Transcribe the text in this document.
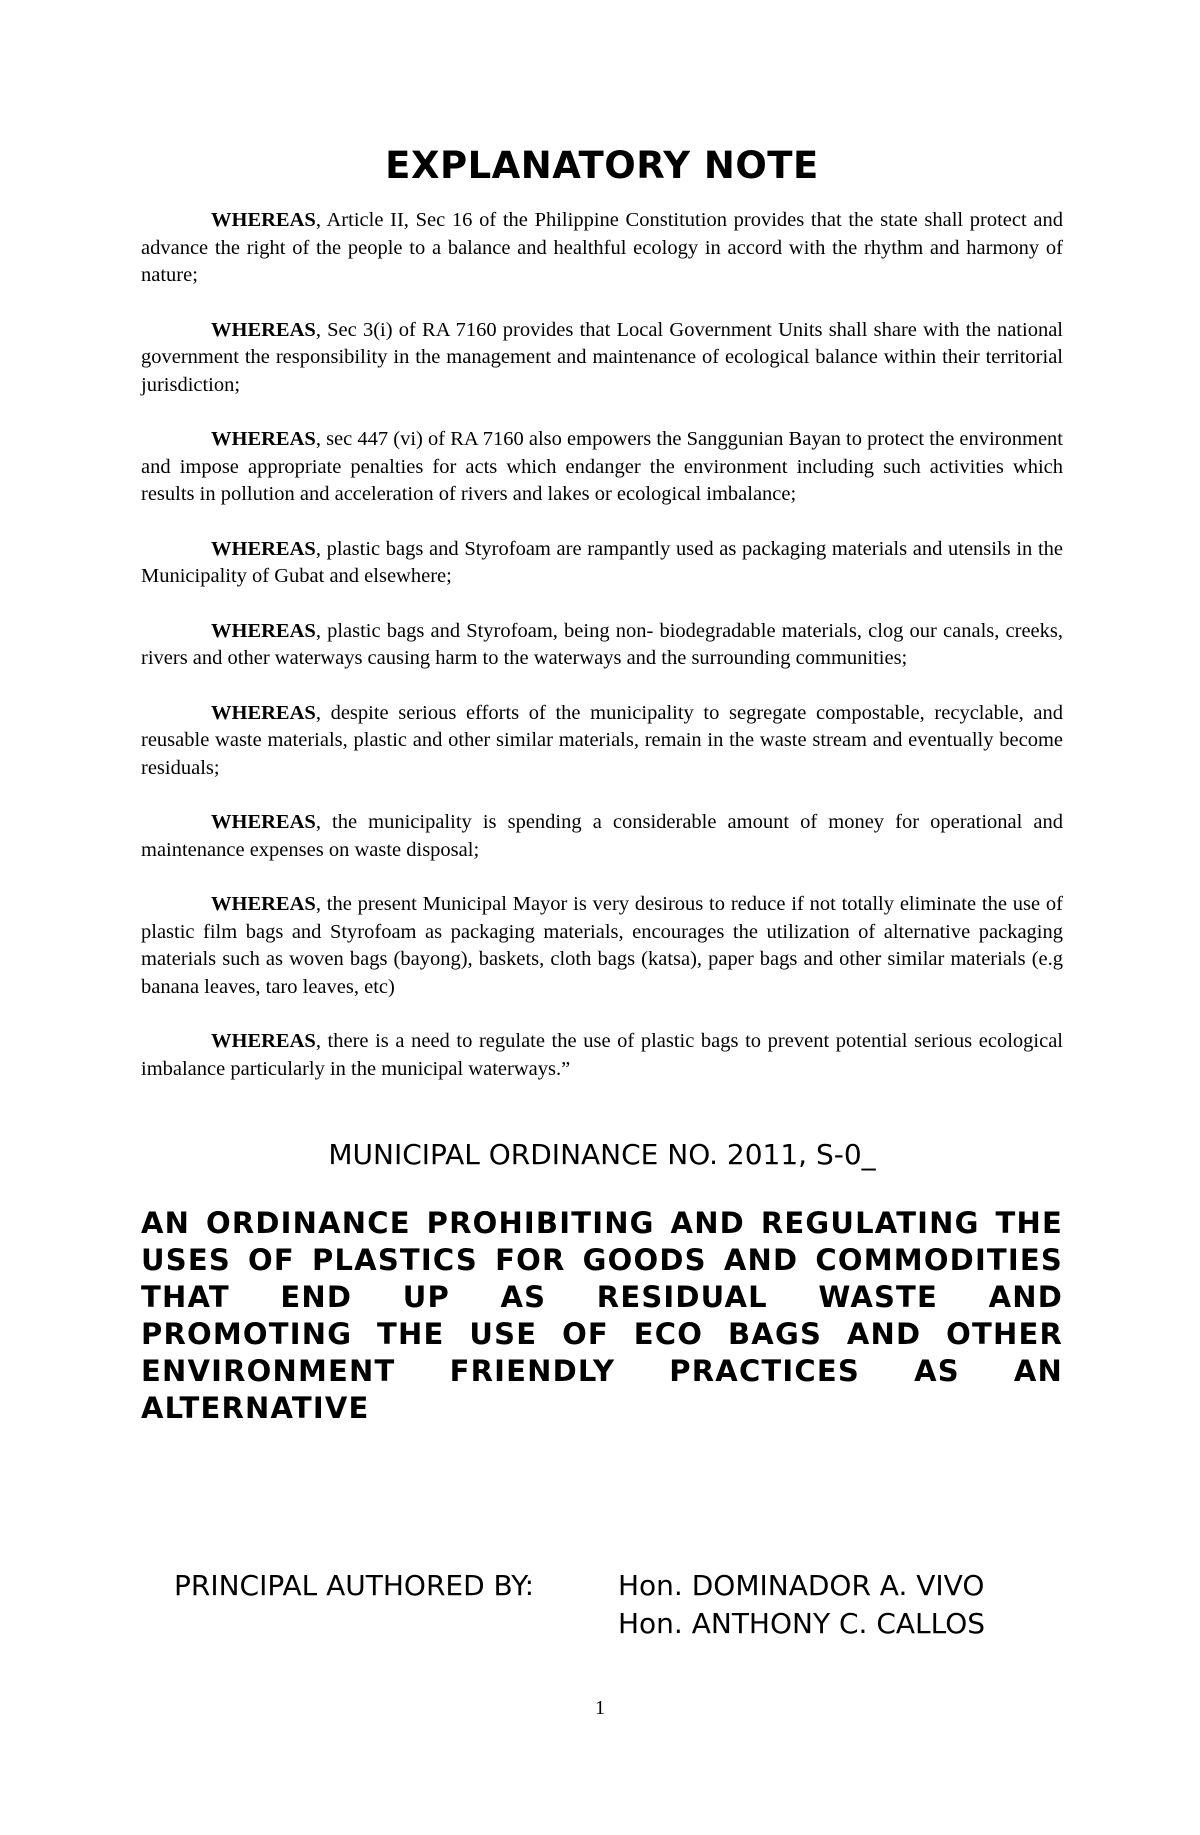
EXPLANATORY NOTE

WHEREAS, Article II, Sec 16 of the Philippine Constitution provides that the state shall protect and advance the right of the people to a balance and healthful ecology in accord with the rhythm and harmony of nature;

WHEREAS, Sec 3(i) of RA 7160 provides that Local Government Units shall share with the national government the responsibility in the management and maintenance of ecological balance within their territorial jurisdiction;

WHEREAS, sec 447 (vi) of RA 7160 also empowers the Sanggunian Bayan to protect the environment and impose appropriate penalties for acts which endanger the environment including such activities which results in pollution and acceleration of rivers and lakes or ecological imbalance;

WHEREAS, plastic bags and Styrofoam are rampantly used as packaging materials and utensils in the Municipality of Gubat and elsewhere;

WHEREAS, plastic bags and Styrofoam, being non- biodegradable materials, clog our canals, creeks, rivers and other waterways causing harm to the waterways and the surrounding communities;

WHEREAS, despite serious efforts of the municipality to segregate compostable, recyclable, and reusable waste materials, plastic and other similar materials, remain in the waste stream and eventually become residuals;

WHEREAS, the municipality is spending a considerable amount of money for operational and maintenance expenses on waste disposal;

WHEREAS, the present Municipal Mayor is very desirous to reduce if not totally eliminate the use of plastic film bags and Styrofoam as packaging materials, encourages the utilization of alternative packaging materials such as woven bags (bayong), baskets, cloth bags (katsa), paper bags and other similar materials (e.g banana leaves, taro leaves, etc)

WHEREAS, there is a need to regulate the use of plastic bags to prevent potential serious ecological imbalance particularly in the municipal waterways.”

MUNICIPAL ORDINANCE NO. 2011, S-0_
AN ORDINANCE PROHIBITING AND REGULATING THE USES OF PLASTICS FOR GOODS AND COMMODITIES THAT END UP AS RESIDUAL WASTE AND PROMOTING THE USE OF ECO BAGS AND OTHER ENVIRONMENT FRIENDLY PRACTICES AS AN ALTERNATIVE
PRINCIPAL AUTHORED BY:	Hon. DOMINADOR A. VIVO
Hon. ANTHONY C. CALLOS
1
